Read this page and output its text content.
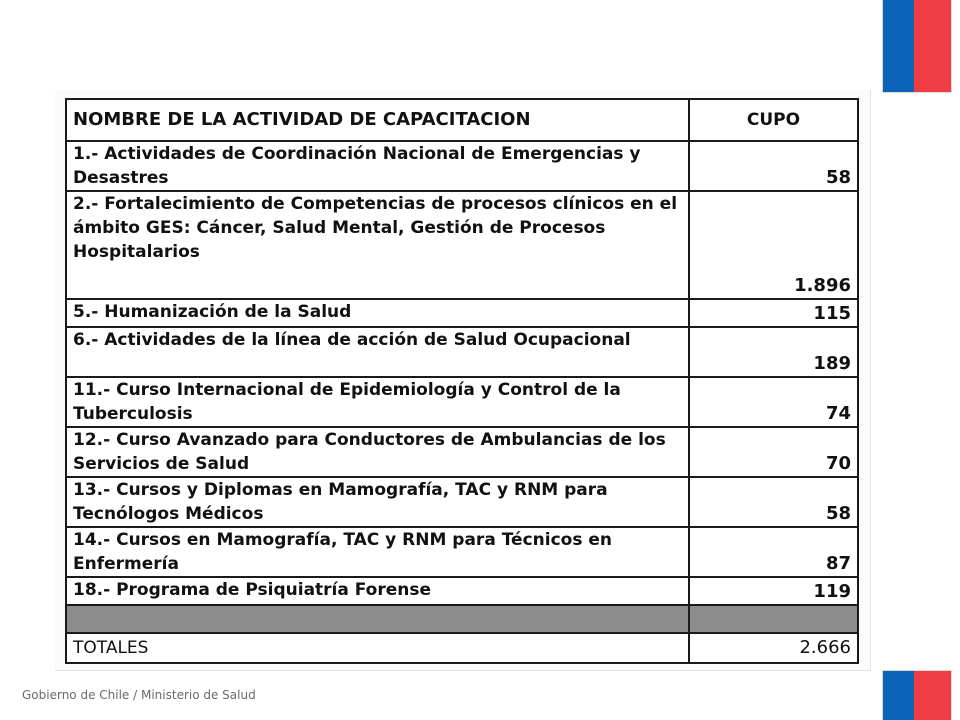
NOMBRE DE LA ACTIVIDAD DE CAPACITACION	CUPO
1.- Actividades de Coordinación Nacional de Emergencias y Desastres	58
2.- Fortalecimiento de Competencias de procesos clínicos en el ámbito GES: Cáncer, Salud Mental, Gestión de Procesos Hospitalarios	1.896
5.- Humanización de la Salud	115
6.- Actividades de la línea de acción de Salud Ocupacional	189
11.- Curso Internacional de Epidemiología y Control de la Tuberculosis	74
12.- Curso Avanzado para Conductores de Ambulancias de los Servicios de Salud	70
13.- Cursos y Diplomas en Mamografía, TAC y RNM para Tecnólogos Médicos	58
14.- Cursos en Mamografía, TAC y RNM para Técnicos en Enfermería	87
18.- Programa de Psiquiatría Forense	119

TOTALES	2.666
Gobierno de Chile / Ministerio de Salud
